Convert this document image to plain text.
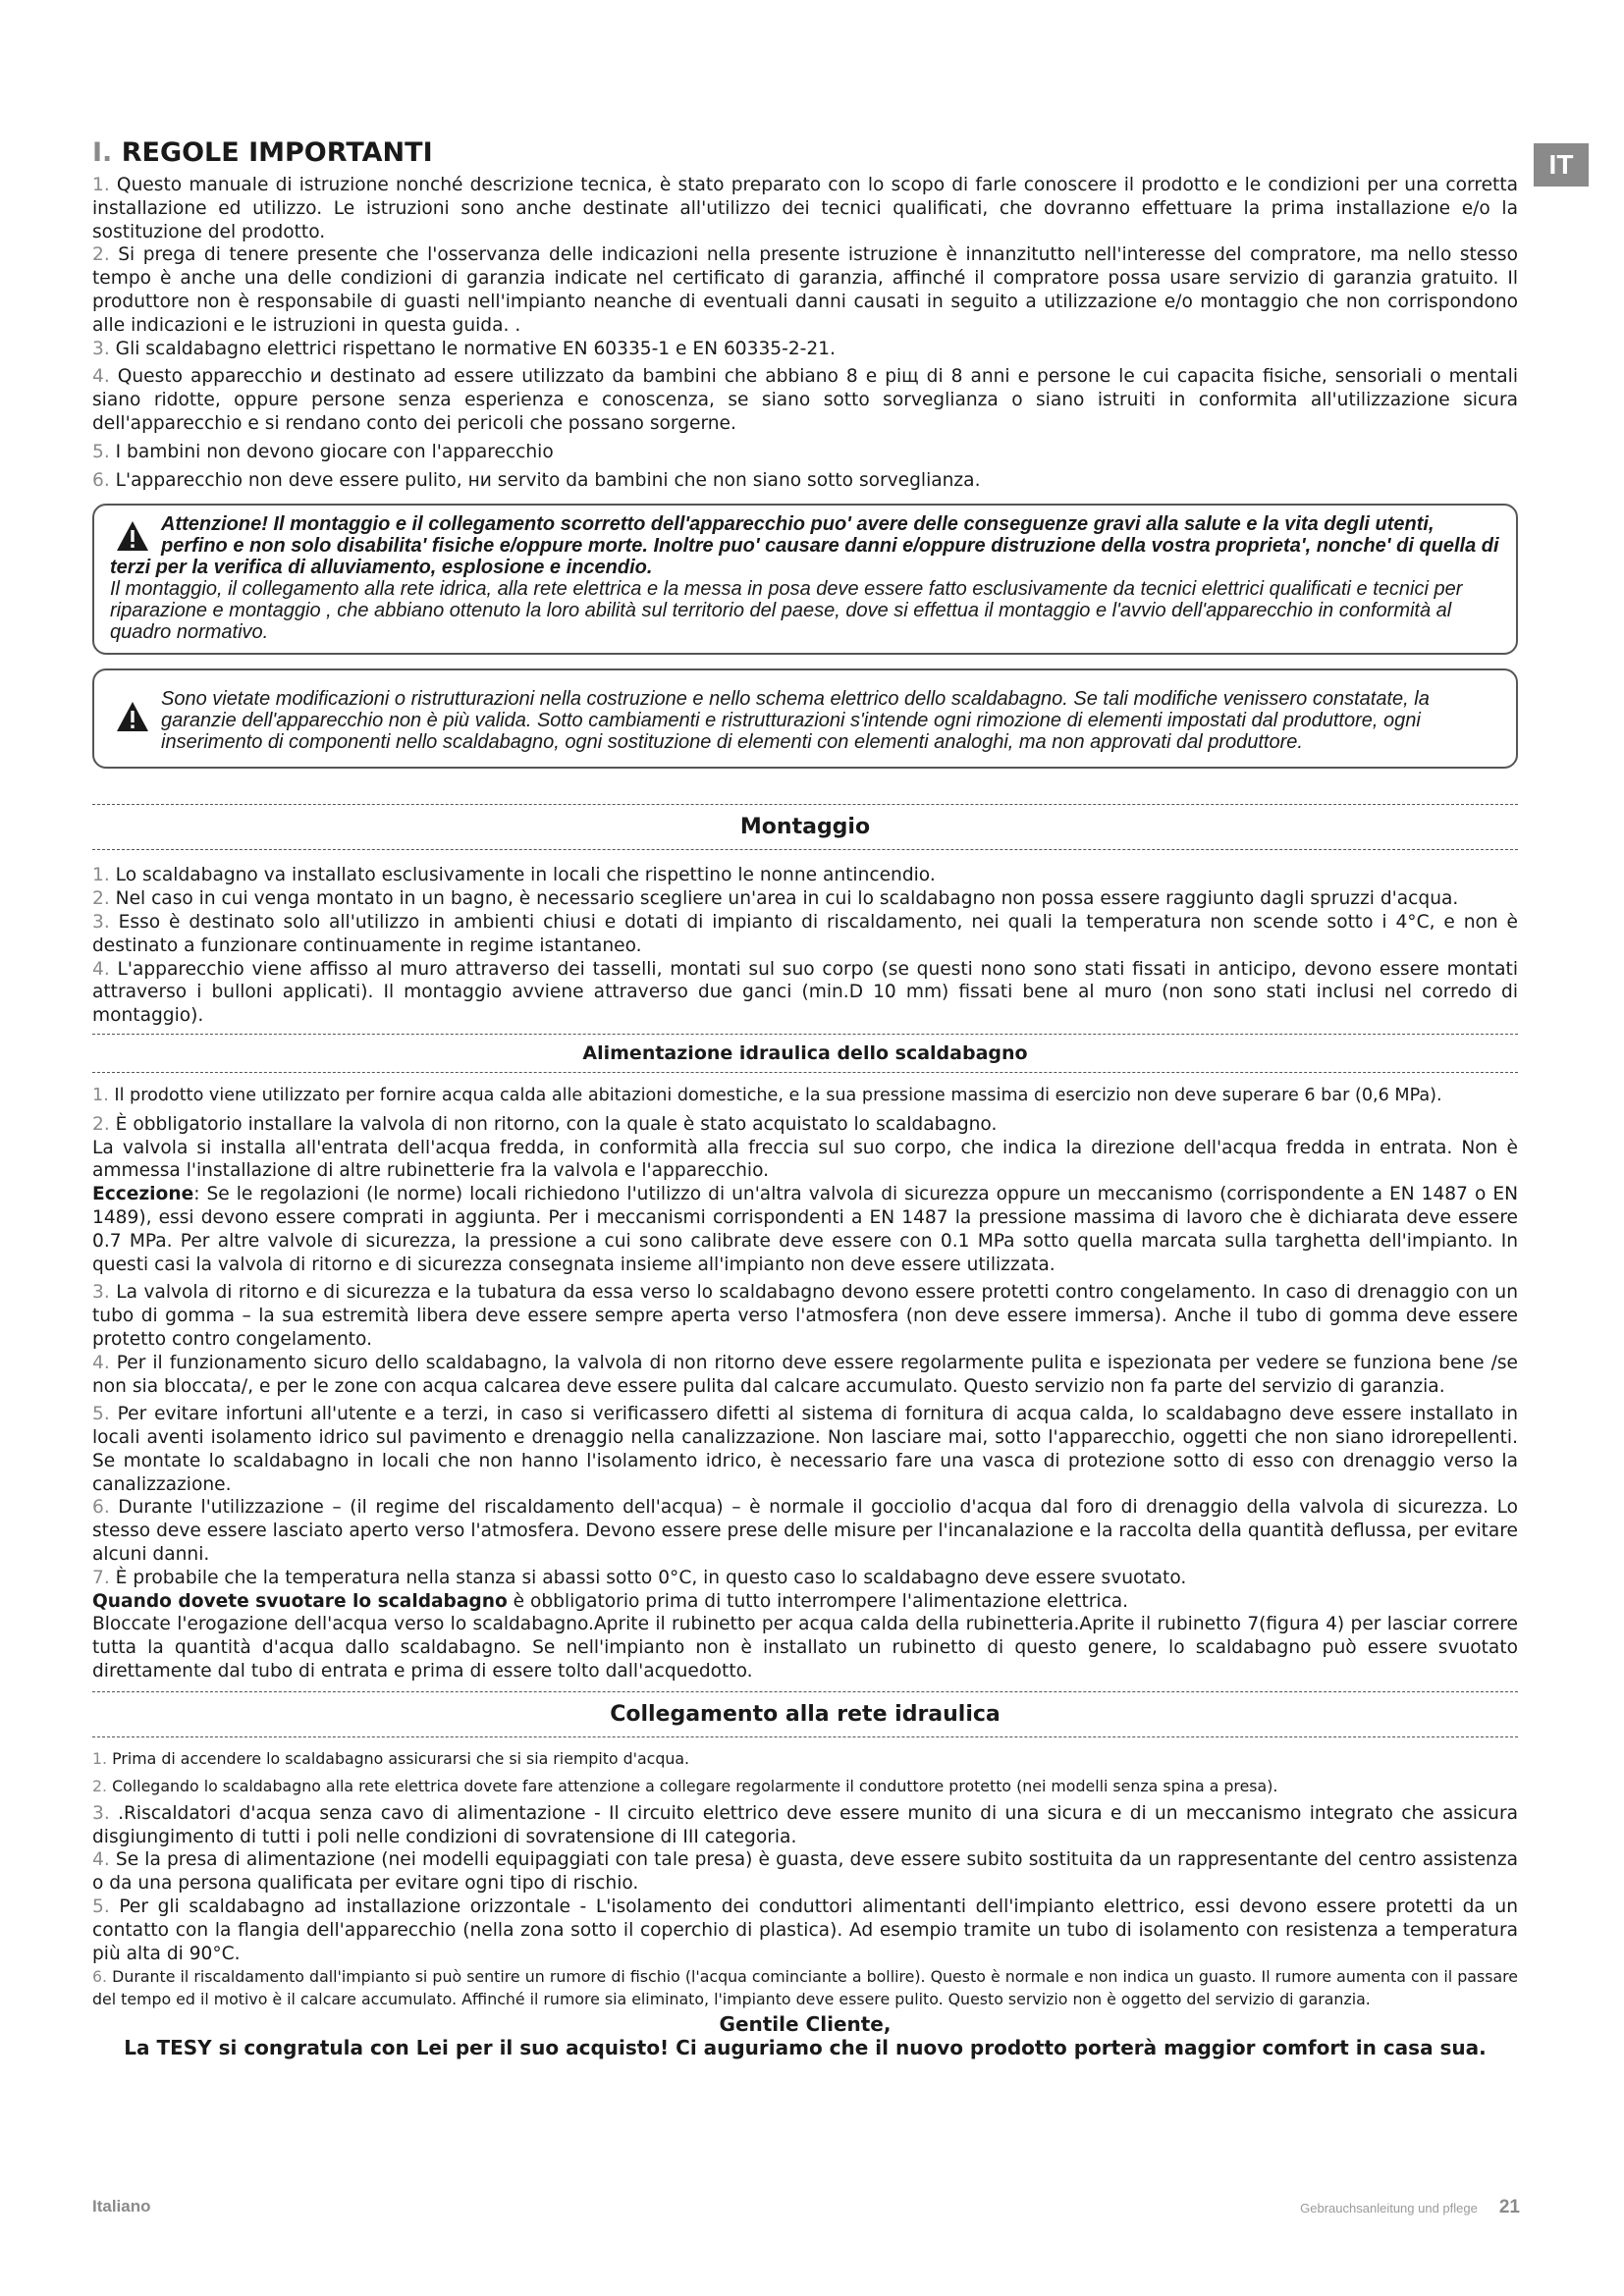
IT
I. REGOLE IMPORTANTI

1. Questo manuale di istruzione nonché descrizione tecnica, è stato preparato con lo scopo di farle conoscere il prodotto e le condizioni per una corretta installazione ed utilizzo. Le istruzioni sono anche destinate all'utilizzo dei tecnici qualificati, che dovranno effettuare la prima installazione e/o la sostituzione del prodotto.

2. Si prega di tenere presente che l'osservanza delle indicazioni nella presente istruzione è innanzitutto nell'interesse del compratore, ma nello stesso tempo è anche una delle condizioni di garanzia indicate nel certificato di garanzia, affinché il compratore possa usare servizio di garanzia gratuito. Il produttore non è responsabile di guasti nell'impianto neanche di eventuali danni causati in seguito a utilizzazione e/o montaggio che non corrispondono alle indicazioni e le istruzioni in questa guida. .

3. Gli scaldabagno elettrici rispettano le normative EN 60335-1 e EN 60335-2-21.

4. Questo apparecchio и destinato ad essere utilizzato da bambini che abbiano 8 e piщ di 8 anni e persone le cui capacita fisiche, sensoriali o mentali siano ridotte, oppure persone senza esperienza e conoscenza, se siano sotto sorveglianza o siano istruiti in conformita all'utilizzazione sicura dell'apparecchio e si rendano conto dei pericoli che possano sorgerne.

5. I bambini non devono giocare con l'apparecchio

6. L'apparecchio non deve essere pulito, ни servito da bambini che non siano sotto sorveglianza.

Attenzione! Il montaggio e il collegamento scorretto dell'apparecchio puo' avere delle conseguenze gravi alla salute e la vita degli utenti, perfino e non solo disabilita' fisiche e/oppure morte. Inoltre puo' causare danni e/oppure distruzione della vostra proprieta', nonche' di quella di terzi per la verifica di alluviamento, esplosione e incendio.
Il montaggio, il collegamento alla rete idrica, alla rete elettrica e la messa in posa deve essere fatto esclusivamente da tecnici elettrici qualificati e tecnici per riparazione e montaggio , che abbiano ottenuto la loro abilità sul territorio del paese, dove si effettua il montaggio e l'avvio dell'apparecchio in conformità al quadro normativo.
Sono vietate modificazioni o ristrutturazioni nella costruzione e nello schema elettrico dello scaldabagno. Se tali modifiche venissero constatate, la garanzie dell'apparecchio non è più valida. Sotto cambiamenti e ristrutturazioni s'intende ogni rimozione di elementi impostati dal produttore, ogni inserimento di componenti nello scaldabagno, ogni sostituzione di elementi con elementi analoghi, ma non approvati dal produttore.
Montaggio

1. Lo scaldabagno va installato esclusivamente in locali che rispettino le nonne antincendio.

2. Nel caso in cui venga montato in un bagno, è necessario scegliere un'area in cui lo scaldabagno non possa essere raggiunto dagli spruzzi d'acqua.

3. Esso è destinato solo all'utilizzo in ambienti chiusi e dotati di impianto di riscaldamento, nei quali la temperatura non scende sotto i 4°C, e non è destinato a funzionare continuamente in regime istantaneo.

4. L'apparecchio viene affisso al muro attraverso dei tasselli, montati sul suo corpo (se questi nono sono stati fissati in anticipo, devono essere montati attraverso i bulloni applicati). Il montaggio avviene attraverso due ganci (min.D 10 mm) fissati bene al muro (non sono stati inclusi nel corredo di montaggio).

Alimentazione idraulica dello scaldabagno

1. Il prodotto viene utilizzato per fornire acqua calda alle abitazioni domestiche, e la sua pressione massima di esercizio non deve superare 6 bar (0,6 MPa).

2. È obbligatorio installare la valvola di non ritorno, con la quale è stato acquistato lo scaldabagno.

La valvola si installa all'entrata dell'acqua fredda, in conformità alla freccia sul suo corpo, che indica la direzione dell'acqua fredda in entrata. Non è ammessa l'installazione di altre rubinetterie fra la valvola e l'apparecchio.

Eccezione: Se le regolazioni (le norme) locali richiedono l'utilizzo di un'altra valvola di sicurezza oppure un meccanismo (corrispondente a EN 1487 o EN 1489), essi devono essere comprati in aggiunta. Per i meccanismi corrispondenti a EN 1487 la pressione massima di lavoro che è dichiarata deve essere 0.7 MPa. Per altre valvole di sicurezza, la pressione a cui sono calibrate deve essere con 0.1 MPa sotto quella marcata sulla targhetta dell'impianto. In questi casi la valvola di ritorno e di sicurezza consegnata insieme all'impianto non deve essere utilizzata.

3. La valvola di ritorno e di sicurezza e la tubatura da essa verso lo scaldabagno devono essere protetti contro congelamento. In caso di drenaggio con un tubo di gomma – la sua estremità libera deve essere sempre aperta verso l'atmosfera (non deve essere immersa). Anche il tubo di gomma deve essere protetto contro congelamento.

4. Per il funzionamento sicuro dello scaldabagno, la valvola di non ritorno deve essere regolarmente pulita e ispezionata per vedere se funziona bene /se non sia bloccata/, e per le zone con acqua calcarea deve essere pulita dal calcare accumulato. Questo servizio non fa parte del servizio di garanzia.

5. Per evitare infortuni all'utente e a terzi, in caso si verificassero difetti al sistema di fornitura di acqua calda, lo scaldabagno deve essere installato in locali aventi isolamento idrico sul pavimento e drenaggio nella canalizzazione. Non lasciare mai, sotto l'apparecchio, oggetti che non siano idrorepellenti. Se montate lo scaldabagno in locali che non hanno l'isolamento idrico, è necessario fare una vasca di protezione sotto di esso con drenaggio verso la canalizzazione.

6. Durante l'utilizzazione – (il regime del riscaldamento dell'acqua) – è normale il gocciolio d'acqua dal foro di drenaggio della valvola di sicurezza. Lo stesso deve essere lasciato aperto verso l'atmosfera. Devono essere prese delle misure per l'incanalazione e la raccolta della quantità deflussa, per evitare alcuni danni.

7. È probabile che la temperatura nella stanza si abassi sotto 0°C, in questo caso lo scaldabagno deve essere svuotato.

Quando dovete svuotare lo scaldabagno è obbligatorio prima di tutto interrompere l'alimentazione elettrica.

Bloccate l'erogazione dell'acqua verso lo scaldabagno.Aprite il rubinetto per acqua calda della rubinetteria.Aprite il rubinetto 7(figura 4) per lasciar correre tutta la quantità d'acqua dallo scaldabagno. Se nell'impianto non è installato un rubinetto di questo genere, lo scaldabagno può essere svuotato direttamente dal tubo di entrata e prima di essere tolto dall'acquedotto.

Collegamento alla rete idraulica

1. Prima di accendere lo scaldabagno assicurarsi che si sia riempito d'acqua.

2. Collegando lo scaldabagno alla rete elettrica dovete fare attenzione a collegare regolarmente il conduttore protetto (nei modelli senza spina a presa).

3. .Riscaldatori d'acqua senza cavo di alimentazione - Il circuito elettrico deve essere munito di una sicura e di un meccanismo integrato che assicura disgiungimento di tutti i poli nelle condizioni di sovratensione di III categoria.

4. Se la presa di alimentazione (nei modelli equipaggiati con tale presa) è guasta, deve essere subito sostituita da un rappresentante del centro assistenza o da una persona qualificata per evitare ogni tipo di rischio.

5. Per gli scaldabagno ad installazione orizzontale - L'isolamento dei conduttori alimentanti dell'impianto elettrico, essi devono essere protetti da un contatto con la flangia dell'apparecchio (nella zona sotto il coperchio di plastica). Ad esempio tramite un tubo di isolamento con resistenza a temperatura più alta di 90°C.

6. Durante il riscaldamento dall'impianto si può sentire un rumore di fischio (l'acqua cominciante a bollire). Questo è normale e non indica un guasto. Il rumore aumenta con il passare del tempo ed il motivo è il calcare accumulato. Affinché il rumore sia eliminato, l'impianto deve essere pulito. Questo servizio non è oggetto del servizio di garanzia.

Gentile Cliente,
La TESY si congratula con Lei per il suo acquisto! Ci auguriamo che il nuovo prodotto porterà maggior comfort in casa sua.
Italiano	Gebrauchsanleitung und pflege 21
